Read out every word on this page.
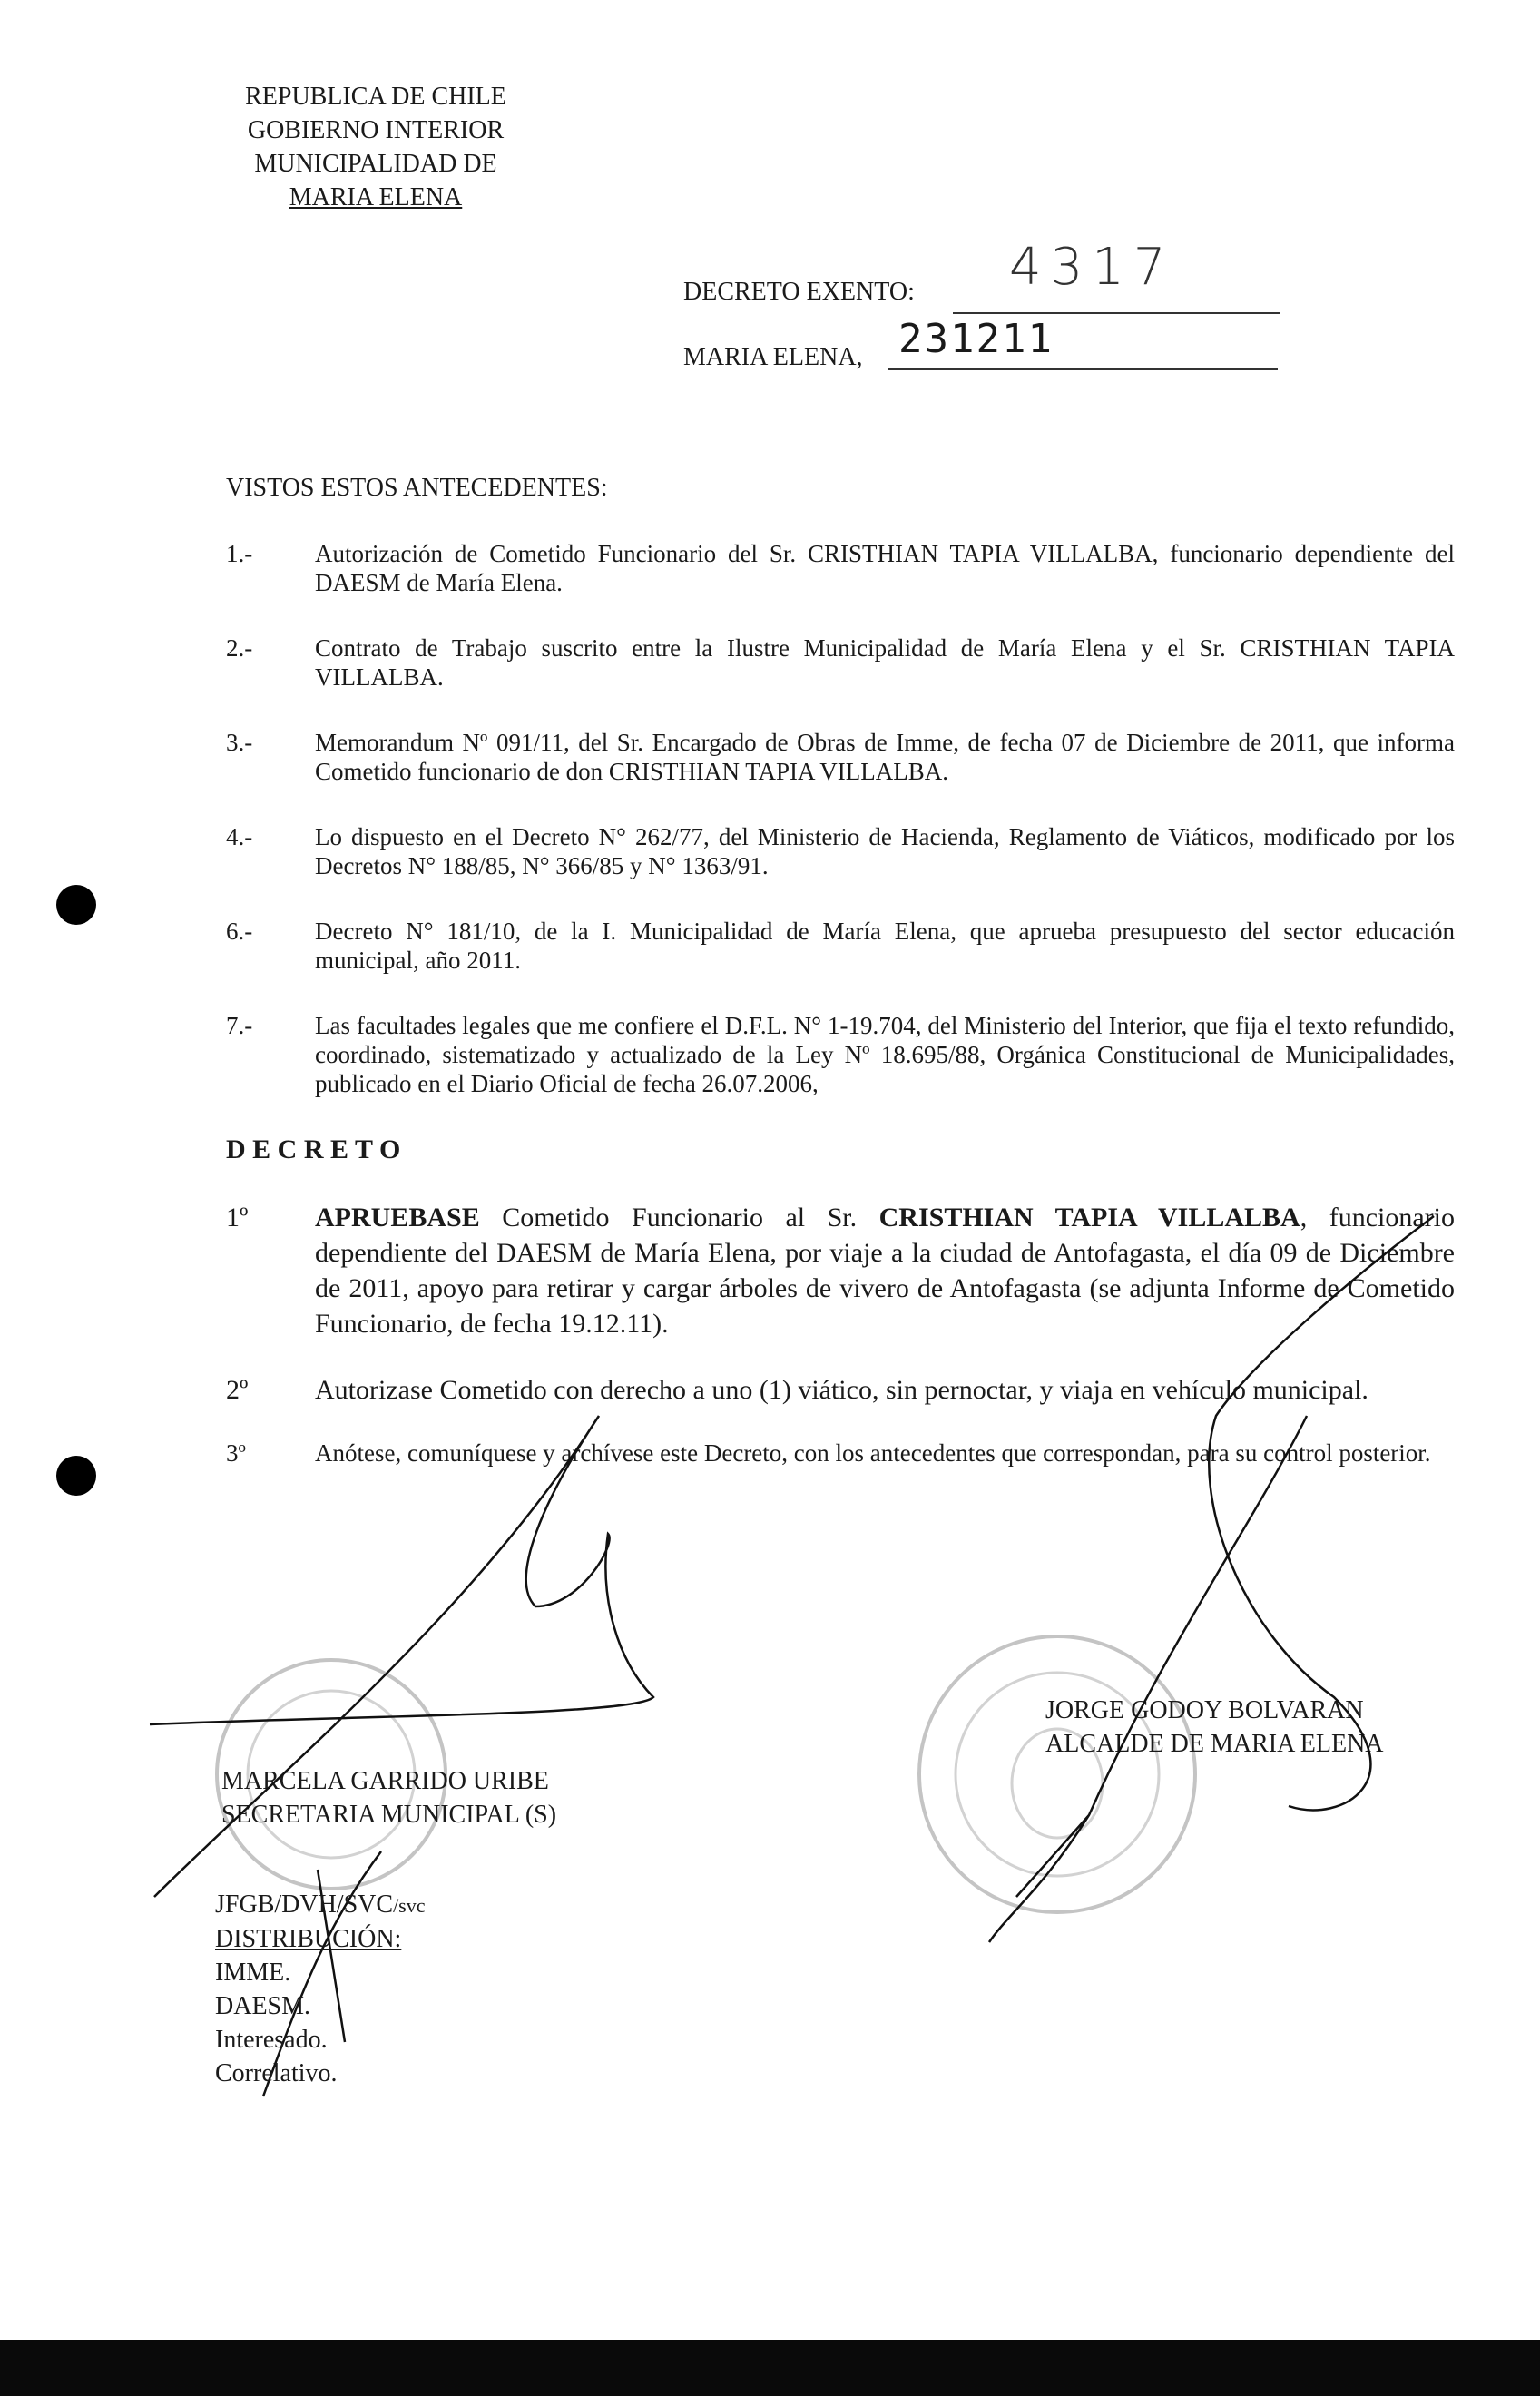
REPUBLICA DE CHILE
GOBIERNO INTERIOR
MUNICIPALIDAD DE
MARIA ELENA
DECRETO EXENTO: 4317
MARIA ELENA, 231211
VISTOS ESTOS ANTECEDENTES:
1.-	Autorización de Cometido Funcionario del Sr. CRISTHIAN TAPIA VILLALBA, funcionario dependiente del DAESM de María Elena.
2.-	Contrato de Trabajo suscrito entre la Ilustre Municipalidad de María Elena y el Sr. CRISTHIAN TAPIA VILLALBA.
3.-	Memorandum Nº 091/11, del Sr. Encargado de Obras de Imme, de fecha 07 de Diciembre de 2011, que informa Cometido funcionario de don CRISTHIAN TAPIA VILLALBA.
4.-	Lo dispuesto en el Decreto N° 262/77, del Ministerio de Hacienda, Reglamento de Viáticos, modificado por los Decretos N° 188/85, N° 366/85 y N° 1363/91.
6.-	Decreto N° 181/10, de la I. Municipalidad de María Elena, que aprueba presupuesto del sector educación municipal, año 2011.
7.-	Las facultades legales que me confiere el D.F.L. N° 1-19.704, del Ministerio del Interior, que fija el texto refundido, coordinado, sistematizado y actualizado de la Ley Nº 18.695/88, Orgánica Constitucional de Municipalidades, publicado en el Diario Oficial de fecha 26.07.2006,
D E C R E T O
1º APRUEBASE Cometido Funcionario al Sr. CRISTHIAN TAPIA VILLALBA, funcionario dependiente del DAESM de María Elena, por viaje a la ciudad de Antofagasta, el día 09 de Diciembre de 2011, apoyo para retirar y cargar árboles de vivero de Antofagasta (se adjunta Informe de Cometido Funcionario, de fecha 19.12.11).
2º Autorizase Cometido con derecho a uno (1) viático, sin pernoctar, y viaja en vehículo municipal.
3º	Anótese, comuníquese y archívese este Decreto, con los antecedentes que correspondan, para su control posterior.
JORGE GODOY BOLVARAN
ALCALDE DE MARIA ELENA
MARCELA GARRIDO URIBE
SECRETARIA MUNICIPAL (S)
JFGB/DVH/SVC/svc
DISTRIBUCIÓN:
IMME.
DAESM.
Interesado.
Correlativo.
